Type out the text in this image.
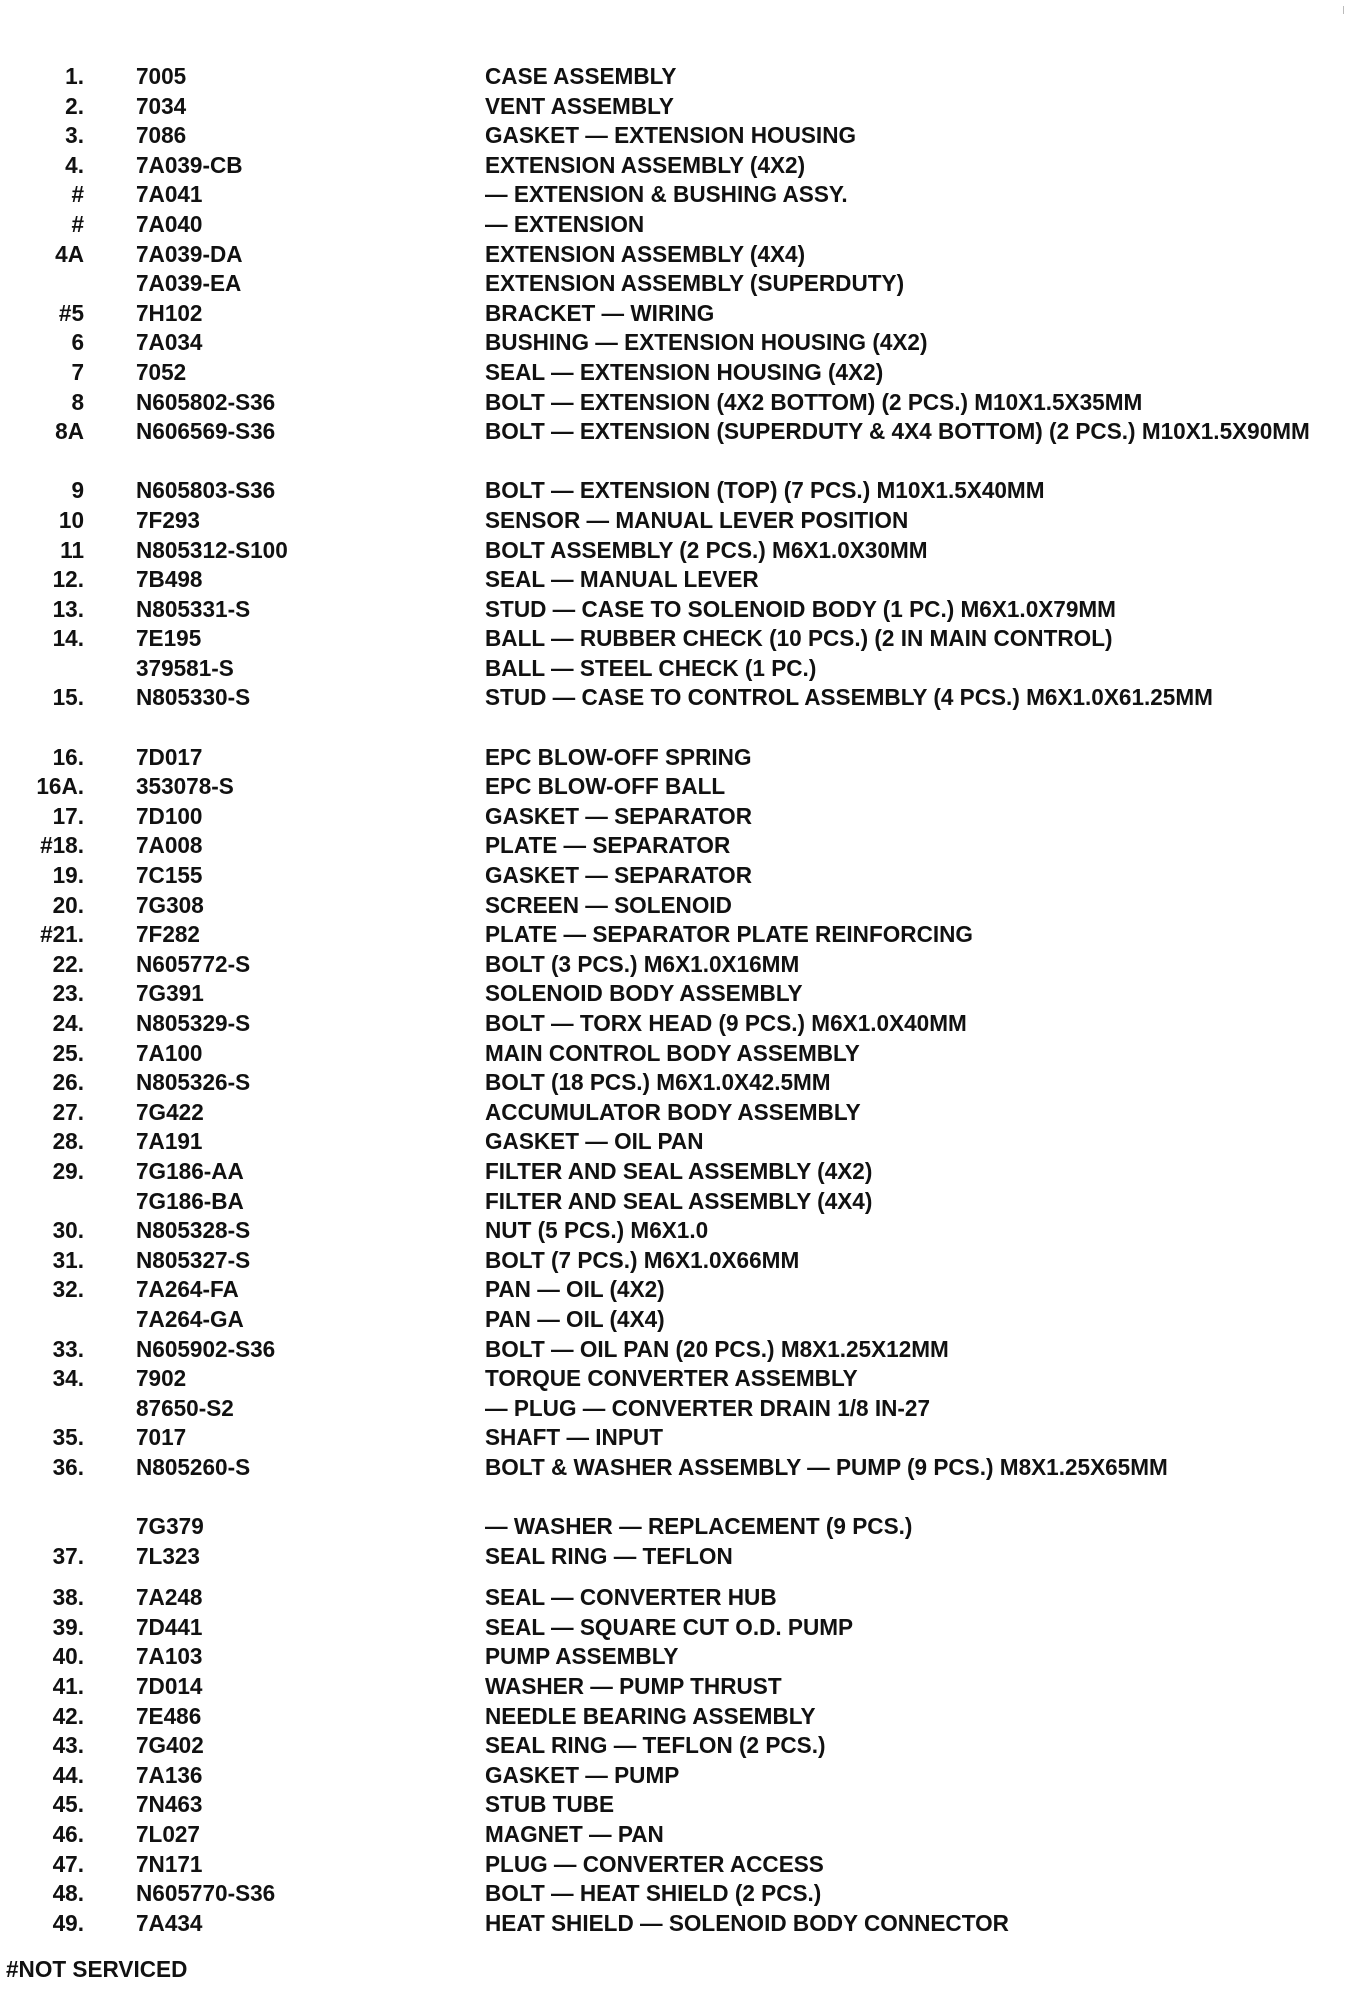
1. 7005	CASE ASSEMBLY
2. 7034	VENT ASSEMBLY
3. 7086	GASKET — EXTENSION HOUSING
4. 7A039-CB	EXTENSION ASSEMBLY (4X2)
# 7A041	— EXTENSION & BUSHING ASSY.
# 7A040	— EXTENSION
4A 7A039-DA	EXTENSION ASSEMBLY (4X4)
7A039-EA	EXTENSION ASSEMBLY (SUPERDUTY)
#5 7H102	BRACKET — WIRING
6 7A034	BUSHING — EXTENSION HOUSING (4X2)
7 7052	SEAL — EXTENSION HOUSING (4X2)
8 N605802-S36	BOLT — EXTENSION (4X2 BOTTOM) (2 PCS.) M10X1.5X35MM
8A N606569-S36	BOLT — EXTENSION (SUPERDUTY & 4X4 BOTTOM) (2 PCS.) M10X1.5X90MM
9 N605803-S36	BOLT — EXTENSION (TOP) (7 PCS.) M10X1.5X40MM
10 7F293	SENSOR — MANUAL LEVER POSITION
11 N805312-S100	BOLT ASSEMBLY (2 PCS.) M6X1.0X30MM
12. 7B498	SEAL — MANUAL LEVER
13. N805331-S	STUD — CASE TO SOLENOID BODY (1 PC.) M6X1.0X79MM
14. 7E195	BALL — RUBBER CHECK (10 PCS.) (2 IN MAIN CONTROL)
379581-S	BALL — STEEL CHECK (1 PC.)
15. N805330-S	STUD — CASE TO CONTROL ASSEMBLY (4 PCS.) M6X1.0X61.25MM
16. 7D017	EPC BLOW-OFF SPRING
16A. 353078-S	EPC BLOW-OFF BALL
17. 7D100	GASKET — SEPARATOR
#18. 7A008	PLATE — SEPARATOR
19. 7C155	GASKET — SEPARATOR
20. 7G308	SCREEN — SOLENOID
#21. 7F282	PLATE — SEPARATOR PLATE REINFORCING
22. N605772-S	BOLT (3 PCS.) M6X1.0X16MM
23. 7G391	SOLENOID BODY ASSEMBLY
24. N805329-S	BOLT — TORX HEAD (9 PCS.) M6X1.0X40MM
25. 7A100	MAIN CONTROL BODY ASSEMBLY
26. N805326-S	BOLT (18 PCS.) M6X1.0X42.5MM
27. 7G422	ACCUMULATOR BODY ASSEMBLY
28. 7A191	GASKET — OIL PAN
29. 7G186-AA	FILTER AND SEAL ASSEMBLY (4X2)
7G186-BA	FILTER AND SEAL ASSEMBLY (4X4)
30. N805328-S	NUT (5 PCS.) M6X1.0
31. N805327-S	BOLT (7 PCS.) M6X1.0X66MM
32. 7A264-FA	PAN — OIL (4X2)
7A264-GA	PAN — OIL (4X4)
33. N605902-S36	BOLT — OIL PAN (20 PCS.) M8X1.25X12MM
34. 7902	TORQUE CONVERTER ASSEMBLY
87650-S2	— PLUG — CONVERTER DRAIN 1/8 IN-27
35. 7017	SHAFT — INPUT
36. N805260-S	BOLT & WASHER ASSEMBLY — PUMP (9 PCS.) M8X1.25X65MM
7G379	— WASHER — REPLACEMENT (9 PCS.)
37. 7L323	SEAL RING — TEFLON
38. 7A248	SEAL — CONVERTER HUB
39. 7D441	SEAL — SQUARE CUT O.D. PUMP
40. 7A103	PUMP ASSEMBLY
41. 7D014	WASHER — PUMP THRUST
42. 7E486	NEEDLE BEARING ASSEMBLY
43. 7G402	SEAL RING — TEFLON (2 PCS.)
44. 7A136	GASKET — PUMP
45. 7N463	STUB TUBE
46. 7L027	MAGNET — PAN
47. 7N171	PLUG — CONVERTER ACCESS
48. N605770-S36	BOLT — HEAT SHIELD (2 PCS.)
49. 7A434	HEAT SHIELD — SOLENOID BODY CONNECTOR
#NOT SERVICED
